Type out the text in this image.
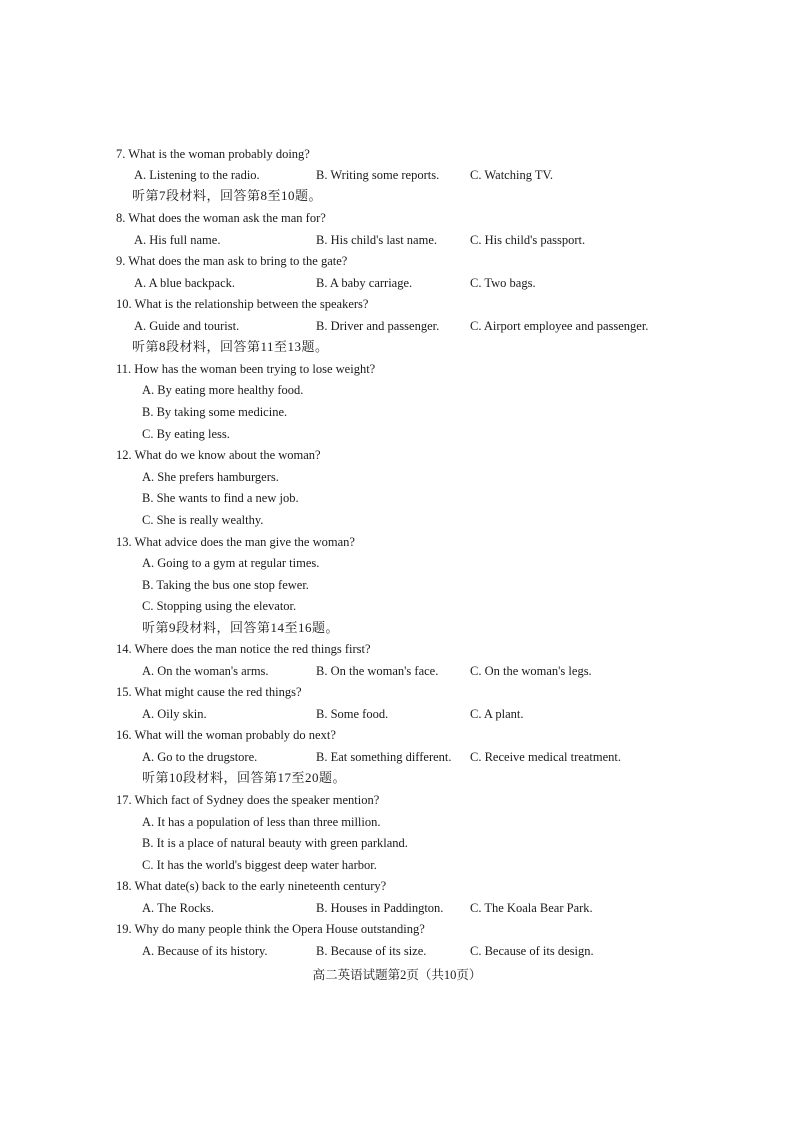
7. What is the woman probably doing?
A. Listening to the radio.	B. Writing some reports. C. Watching TV.
听第7段材料，回答第8至10题。
8. What does the woman ask the man for?
A. His full name.	B. His child's last name.	C. His child's passport.
9. What does the man ask to bring to the gate?
A. A blue backpack.	B. A baby carriage.	C. Two bags.
10. What is the relationship between the speakers?
A. Guide and tourist.	B. Driver and passenger. C. Airport employee and passenger.
听第8段材料，回答第11至13题。
11. How has the woman been trying to lose weight?
A. By eating more healthy food.
B. By taking some medicine.
C. By eating less.
12. What do we know about the woman?
A. She prefers hamburgers.
B. She wants to find a new job.
C. She is really wealthy.
13. What advice does the man give the woman?
A. Going to a gym at regular times.
B. Taking the bus one stop fewer.
C. Stopping using the elevator.
听第9段材料，回答第14至16题。
14. Where does the man notice the red things first?
A. On the woman's arms.	B. On the woman's face.	C. On the woman's legs.
15. What might cause the red things?
A. Oily skin.	B. Some food.	C. A plant.
16. What will the woman probably do next?
A. Go to the drugstore.	B. Eat something different. C. Receive medical treatment.
听第10段材料，回答第17至20题。
17. Which fact of Sydney does the speaker mention?
A. It has a population of less than three million.
B. It is a place of natural beauty with green parkland.
C. It has the world's biggest deep water harbor.
18. What date(s) back to the early nineteenth century?
A. The Rocks.	B. Houses in Paddington. C. The Koala Bear Park.
19. Why do many people think the Opera House outstanding?
A. Because of its history.	B. Because of its size.	C. Because of its design.
高二英语试题第2页（共10页）
